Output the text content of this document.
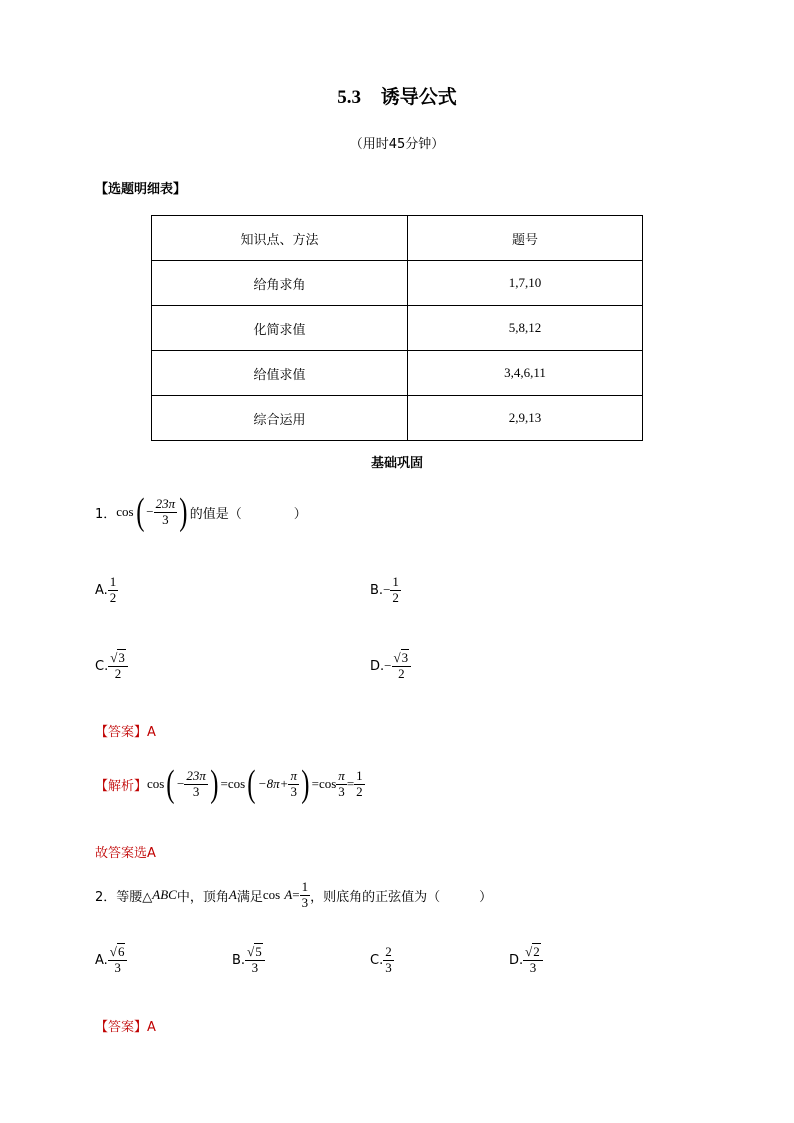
5.3 诱导公式
（用时45分钟）
【选题明细表】
知识点、方法	题号
给角求角	1,7,10
化简求值	5,8,12
给值求值	3,4,6,11
综合运用	2,9,13
基础巩固
1． cos ( − $\frac{23\pi}{3}$ ) 的值是（　　　　）
A. $\frac{1}{2}$	B. − $\frac{1}{2}$
C. $\frac{√3}{2}$	D. − $\frac{√3}{2}$
【答案】A
【解析】 cos ( − $\frac{23\pi}{3}$ ) = cos ( $-8\pi+ \frac{\pi}{3}$ ) = $\cos \frac{\pi}{3} = \frac{1}{2}$
故答案选A
2．等腰△ ABC 中，顶角 A 满足 cos
$A = \frac{1}{3}$ ，则底角的正弦值为（　　　）
A. $\frac{√6}{3}$	B. $\frac{√5}{3}$	C. $\frac{2}{3}$	D. $\frac{√2}{3}$
【答案】A
